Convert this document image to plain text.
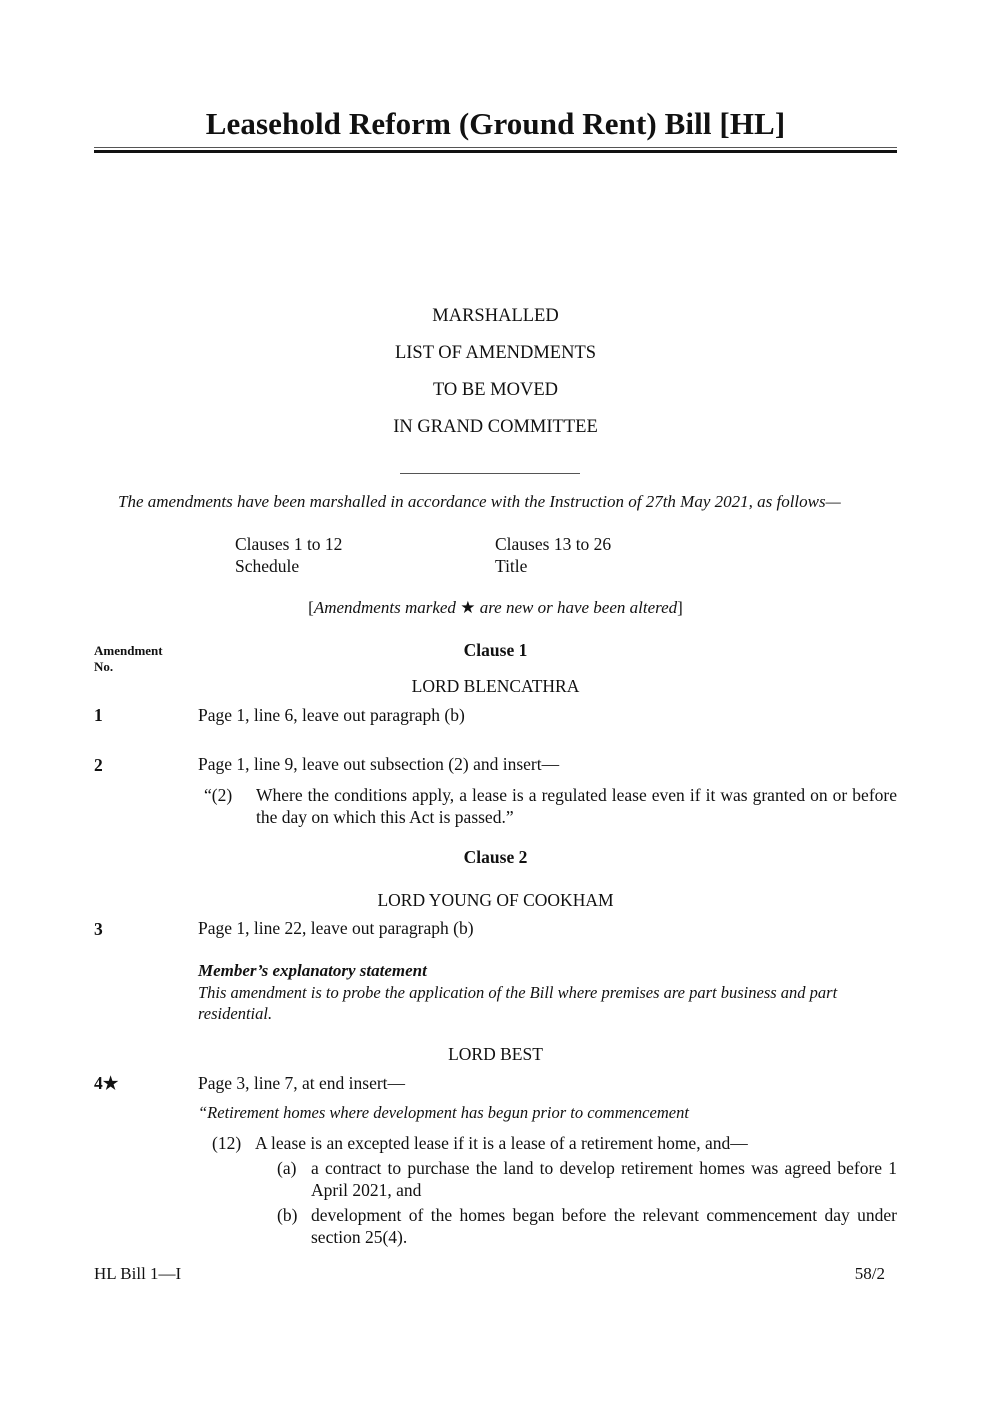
Leasehold Reform (Ground Rent) Bill [HL]
MARSHALLED
LIST OF AMENDMENTS
TO BE MOVED
IN GRAND COMMITTEE
The amendments have been marshalled in accordance with the Instruction of 27th May 2021, as follows—
Clauses 1 to 12	Clauses 13 to 26
Schedule	Title
[Amendments marked ★ are new or have been altered]
Amendment
No.
Clause 1
LORD BLENCATHRA
1	Page 1, line 6, leave out paragraph (b)
2	Page 1, line 9, leave out subsection (2) and insert—
“(2)	Where the conditions apply, a lease is a regulated lease even if it was granted on or before the day on which this Act is passed.”
Clause 2
LORD YOUNG OF COOKHAM
3	Page 1, line 22, leave out paragraph (b)
Member’s explanatory statement
This amendment is to probe the application of the Bill where premises are part business and part residential.
LORD BEST
4★	Page 3, line 7, at end insert—
“Retirement homes where development has begun prior to commencement
(12) A lease is an excepted lease if it is a lease of a retirement home, and—
(a) a contract to purchase the land to develop retirement homes was agreed before 1 April 2021, and
(b) development of the homes began before the relevant commencement day under section 25(4).
HL Bill 1—I	58/2
